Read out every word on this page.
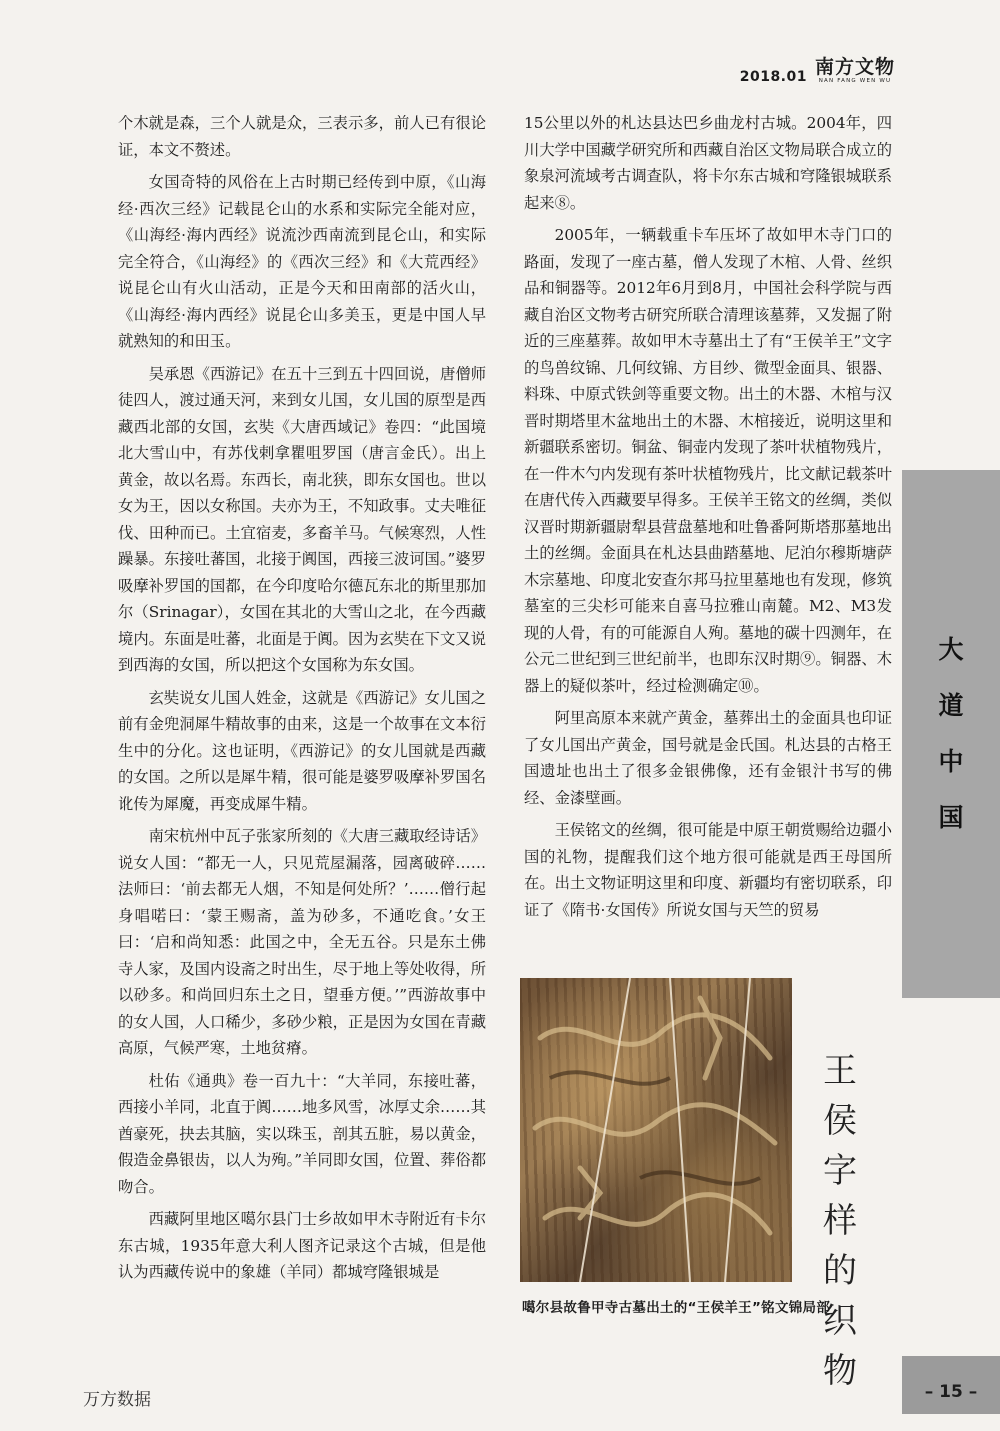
2018.01 南方文物
NAN FANG WEN WU

个木就是森，三个人就是众，三表示多，前人已有很论证，本文不赘述。

女国奇特的风俗在上古时期已经传到中原，《山海经·西次三经》记载昆仑山的水系和实际完全能对应，《山海经·海内西经》说流沙西南流到昆仑山，和实际完全符合，《山海经》的《西次三经》和《大荒西经》说昆仑山有火山活动，正是今天和田南部的活火山，《山海经·海内西经》说昆仑山多美玉，更是中国人早就熟知的和田玉。

吴承恩《西游记》在五十三到五十四回说，唐僧师徒四人，渡过通天河，来到女儿国，女儿国的原型是西藏西北部的女国，玄奘《大唐西域记》卷四：“此国境北大雪山中，有苏伐剌拿瞿咀罗国（唐言金氏）。出上黄金，故以名焉。东西长，南北狭，即东女国也。世以女为王，因以女称国。夫亦为王，不知政事。丈夫唯征伐、田种而已。土宜宿麦，多畜羊马。气候寒烈，人性躁暴。东接吐蕃国，北接于阗国，西接三波诃国。”婆罗吸摩补罗国的国都，在今印度哈尔德瓦东北的斯里那加尔（Srinagar），女国在其北的大雪山之北，在今西藏境内。东面是吐蕃，北面是于阗。因为玄奘在下文又说到西海的女国，所以把这个女国称为东女国。

玄奘说女儿国人姓金，这就是《西游记》女儿国之前有金兜洞犀牛精故事的由来，这是一个故事在文本衍生中的分化。这也证明，《西游记》的女儿国就是西藏的女国。之所以是犀牛精，很可能是婆罗吸摩补罗国名讹传为犀魔，再变成犀牛精。

南宋杭州中瓦子张家所刻的《大唐三藏取经诗话》说女人国：“都无一人，只见荒屋漏落，园离破碎……法师曰：‘前去都无人烟，不知是何处所？’……僧行起身唱喏曰：‘蒙王赐斋，盖为砂多，不通吃食。’女王曰：‘启和尚知悉：此国之中，全无五谷。只是东土佛寺人家，及国内设斋之时出生，尽于地上等处收得，所以砂多。和尚回归东土之日，望垂方便。’”西游故事中的女人国，人口稀少，多砂少粮，正是因为女国在青藏高原，气候严寒，土地贫瘠。

杜佑《通典》卷一百九十：“大羊同，东接吐蕃，西接小羊同，北直于阗……地多风雪，冰厚丈余……其酋豪死，抉去其脑，实以珠玉，剖其五脏，易以黄金，假造金鼻银齿，以人为殉。”羊同即女国，位置、葬俗都吻合。

西藏阿里地区噶尔县门士乡故如甲木寺附近有卡尔东古城，1935年意大利人图齐记录这个古城，但是他认为西藏传说中的象雄（羊同）都城穹隆银城是

15公里以外的札达县达巴乡曲龙村古城。2004年，四川大学中国藏学研究所和西藏自治区文物局联合成立的象泉河流域考古调查队，将卡尔东古城和穹隆银城联系起来⑧。

2005年，一辆载重卡车压坏了故如甲木寺门口的路面，发现了一座古墓，僧人发现了木棺、人骨、丝织品和铜器等。2012年6月到8月，中国社会科学院与西藏自治区文物考古研究所联合清理该墓葬，又发掘了附近的三座墓葬。故如甲木寺墓出土了有“王侯羊王”文字的鸟兽纹锦、几何纹锦、方目纱、微型金面具、银器、料珠、中原式铁剑等重要文物。出土的木器、木棺与汉晋时期塔里木盆地出土的木器、木棺接近，说明这里和新疆联系密切。铜盆、铜壶内发现了茶叶状植物残片，在一件木勺内发现有茶叶状植物残片，比文献记载茶叶在唐代传入西藏要早得多。王侯羊王铭文的丝绸，类似汉晋时期新疆尉犁县营盘墓地和吐鲁番阿斯塔那墓地出土的丝绸。金面具在札达县曲踏墓地、尼泊尔穆斯塘萨木宗墓地、印度北安查尔邦马拉里墓地也有发现，修筑墓室的三尖杉可能来自喜马拉雅山南麓。M2、M3发现的人骨，有的可能源自人殉。墓地的碳十四测年，在公元二世纪到三世纪前半，也即东汉时期⑨。铜器、木器上的疑似茶叶，经过检测确定⑩。

阿里高原本来就产黄金，墓葬出土的金面具也印证了女儿国出产黄金，国号就是金氏国。札达县的古格王国遗址也出土了很多金银佛像，还有金银汁书写的佛经、金漆壁画。

王侯铭文的丝绸，很可能是中原王朝赏赐给边疆小国的礼物，提醒我们这个地方很可能就是西王母国所在。出土文物证明这里和印度、新疆均有密切联系，印证了《隋书·女国传》所说女国与天竺的贸易

大
道
中
国
王
侯
字
样
的
织
物
噶尔县故鲁甲寺古墓出土的“王侯羊王”铭文锦局部
万方数据	– 15 –
